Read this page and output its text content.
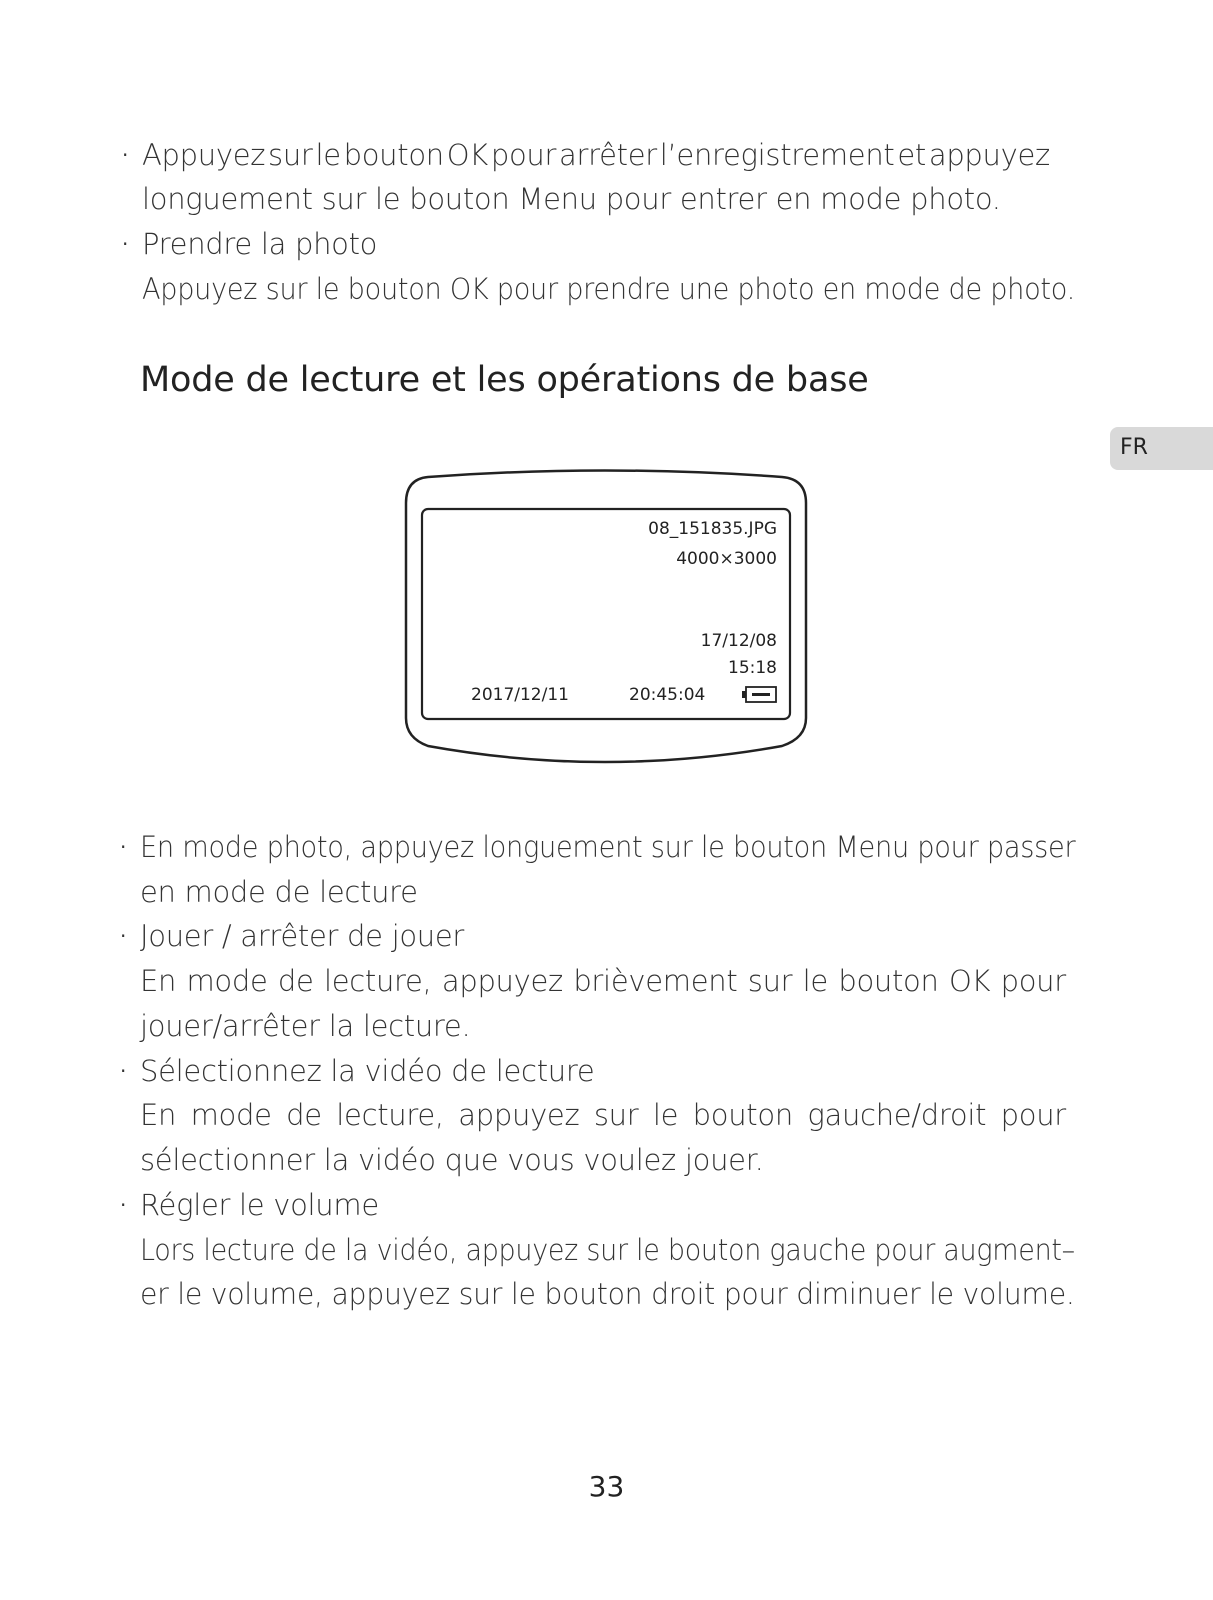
· Appuyez sur le bouton OK pour arrêter l’enregistrement et appuyez
longuement sur le bouton Menu pour entrer en mode photo.
· Prendre la photo
Appuyez sur le bouton OK pour prendre une photo en mode de photo.
Mode de lecture et les opérations de base
FR
08_151835.JPG
4000×3000
17/12/08
15:18
2017/12/11	20:45:04
· En mode photo, appuyez longuement sur le bouton Menu pour passer
en mode de lecture
· Jouer / arrêter de jouer
En mode de lecture, appuyez brièvement sur le bouton OK pour
jouer/arrêter la lecture.
· Sélectionnez la vidéo de lecture
En mode de lecture, appuyez sur le bouton gauche/droit pour
sélectionner la vidéo que vous voulez jouer.
· Régler le volume
Lors lecture de la vidéo, appuyez sur le bouton gauche pour augment–
er le volume, appuyez sur le bouton droit pour diminuer le volume.
33
